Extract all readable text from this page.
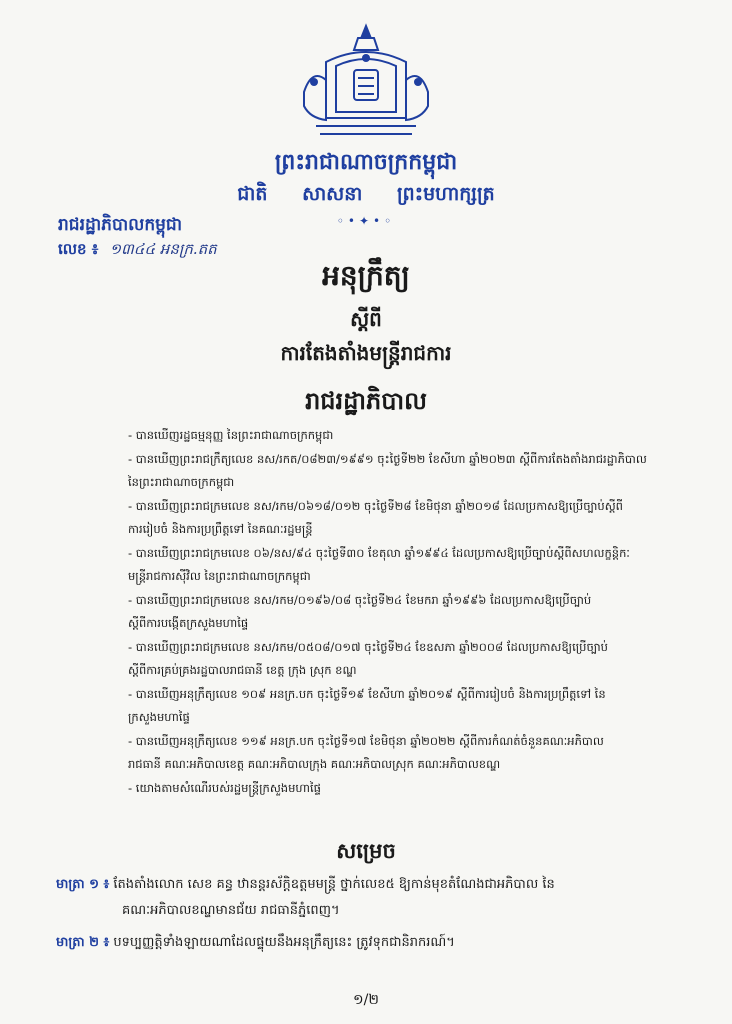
ព្រះរាជាណាចក្រកម្ពុជា
ជាតិ សាសនា ព្រះមហាក្សត្រ
◦•✦•◦
រាជរដ្ឋាភិបាលកម្ពុជា
លេខ ៖ ១៣៤៤ អនក្រ.តត
អនុក្រឹត្យ
ស្តីពី
ការតែងតាំងមន្ត្រីរាជការ
រាជរដ្ឋាភិបាល
- បានឃើញរដ្ឋធម្មនុញ្ញ នៃព្រះរាជាណាចក្រកម្ពុជា
- បានឃើញព្រះរាជក្រឹត្យលេខ នស/រកត/០៨២៣/១៩៩១ ចុះថ្ងៃទី២២ ខែសីហា ឆ្នាំ២០២៣ ស្តីពីការតែងតាំងរាជរដ្ឋាភិបាល
នៃព្រះរាជាណាចក្រកម្ពុជា
- បានឃើញព្រះរាជក្រមលេខ នស/រកម/០៦១៨/០១២ ចុះថ្ងៃទី២៨ ខែមិថុនា ឆ្នាំ២០១៨ ដែលប្រកាសឱ្យប្រើច្បាប់ស្តីពី
ការរៀបចំ និងការប្រព្រឹត្តទៅ នៃគណៈរដ្ឋមន្ត្រី
- បានឃើញព្រះរាជក្រមលេខ ០៦/នស/៩៤ ចុះថ្ងៃទី៣០ ខែតុលា ឆ្នាំ១៩៩៤ ដែលប្រកាសឱ្យប្រើច្បាប់ស្តីពីសហលក្ខន្តិកៈ
មន្ត្រីរាជការស៊ីវិល នៃព្រះរាជាណាចក្រកម្ពុជា
- បានឃើញព្រះរាជក្រមលេខ នស/រកម/០១៩៦/០៨ ចុះថ្ងៃទី២៤ ខែមករា ឆ្នាំ១៩៩៦ ដែលប្រកាសឱ្យប្រើច្បាប់
ស្តីពីការបង្កើតក្រសួងមហាផ្ទៃ
- បានឃើញព្រះរាជក្រមលេខ នស/រកម/០៥០៨/០១៧ ចុះថ្ងៃទី២៤ ខែឧសភា ឆ្នាំ២០០៨ ដែលប្រកាសឱ្យប្រើច្បាប់
ស្តីពីការគ្រប់គ្រងរដ្ឋបាលរាជធានី ខេត្ត ក្រុង ស្រុក ខណ្ឌ
- បានឃើញអនុក្រឹត្យលេខ ១០៩ អនក្រ.បក ចុះថ្ងៃទី១៩ ខែសីហា ឆ្នាំ២០១៩ ស្តីពីការរៀបចំ និងការប្រព្រឹត្តទៅ នៃ
ក្រសួងមហាផ្ទៃ
- បានឃើញអនុក្រឹត្យលេខ ១១៩ អនក្រ.បក ចុះថ្ងៃទី១៧ ខែមិថុនា ឆ្នាំ២០២២ ស្តីពីការកំណត់ចំនួនគណៈអភិបាល
រាជធានី គណៈអភិបាលខេត្ត គណៈអភិបាលក្រុង គណៈអភិបាលស្រុក គណៈអភិបាលខណ្ឌ
- យោងតាមសំណើរបស់រដ្ឋមន្ត្រីក្រសួងមហាផ្ទៃ
សម្រេច
មាត្រា ១ ៖ តែងតាំងលោក សេខ គន្ធ ឋានន្តរស័ក្តិឧត្តមមន្ត្រី ថ្នាក់លេខ៥ ឱ្យកាន់មុខតំណែងជាអភិបាល នៃ
គណៈអភិបាលខណ្ឌមានជ័យ រាជធានីភ្នំពេញ។
មាត្រា ២ ៖ បទប្បញ្ញត្តិទាំងឡាយណាដែលផ្ទុយនឹងអនុក្រឹត្យនេះ ត្រូវទុកជានិរាករណ៍។
១/២
